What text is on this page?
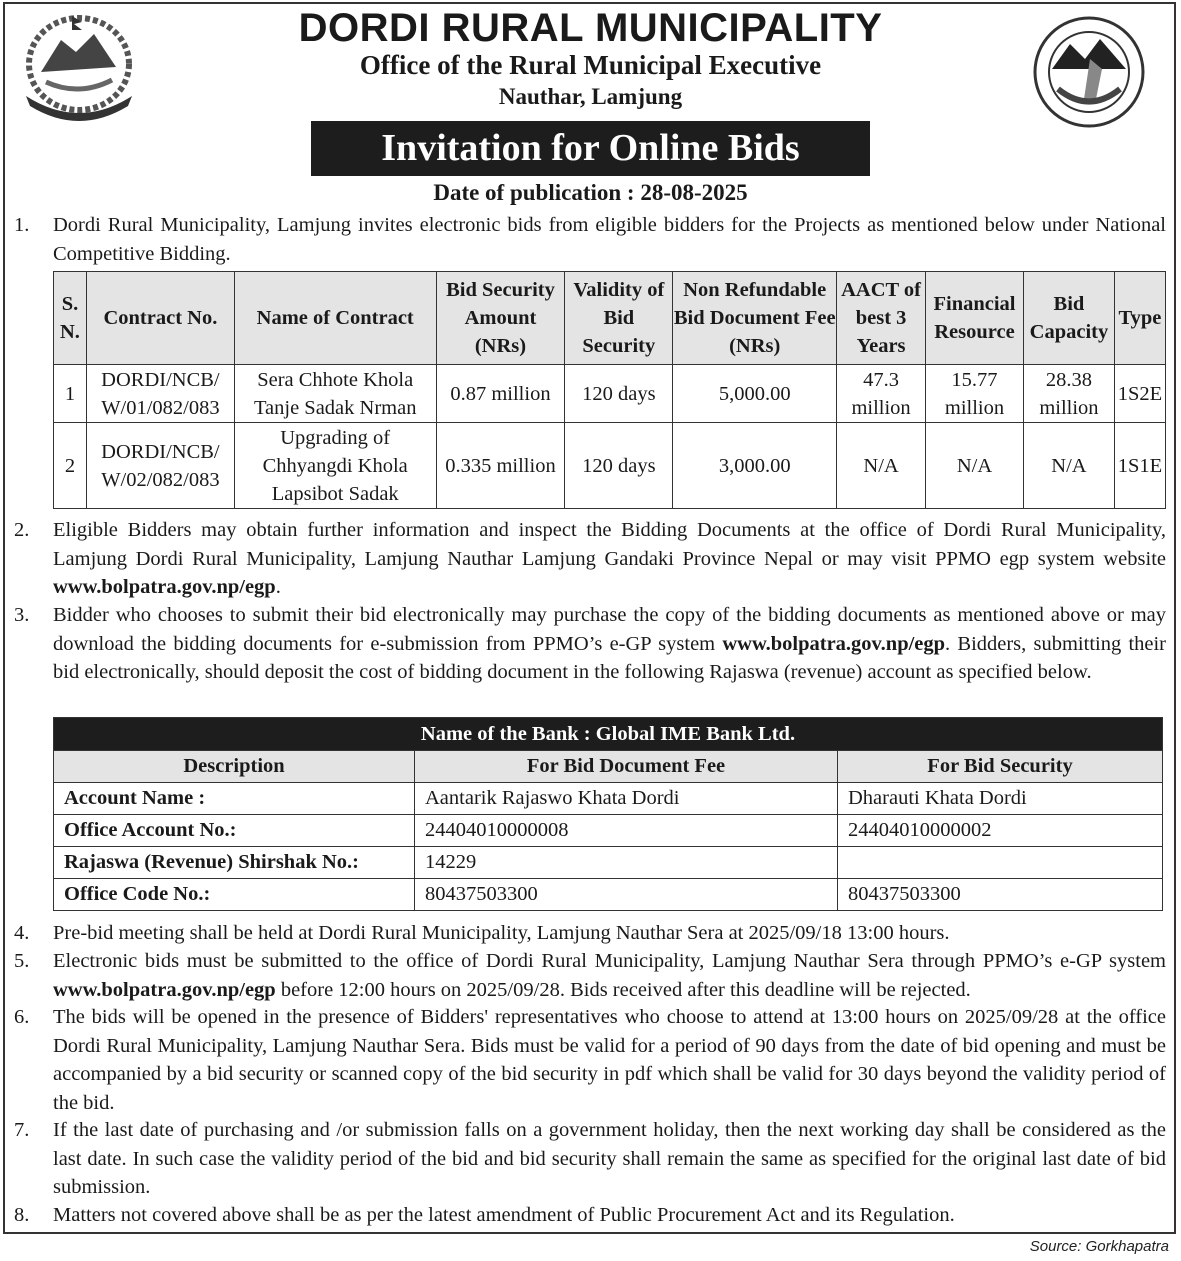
DORDI RURAL MUNICIPALITY
Office of the Rural Municipal Executive
Nauthar, Lamjung
Invitation for Online Bids
Date of publication : 28-08-2025
1. Dordi Rural Municipality, Lamjung invites electronic bids from eligible bidders for the Projects as mentioned below under National Competitive Bidding.
S. N.	Contract No.	Name of Contract	Bid Security Amount (NRs)	Validity of Bid Security	Non Refundable Bid Document Fee (NRs)	AACT of best 3 Years	Financial Resource	Bid Capacity	Type
1	DORDI/NCB/ W/01/082/083	Sera Chhote Khola Tanje Sadak Nrman	0.87 million	120 days	5,000.00	47.3 million	15.77 million	28.38 million	1S2E
2	DORDI/NCB/ W/02/082/083	Upgrading of Chhyangdi Khola Lapsibot Sadak	0.335 million	120 days	3,000.00	N/A	N/A	N/A	1S1E
2. Eligible Bidders may obtain further information and inspect the Bidding Documents at the office of Dordi Rural Municipality, Lamjung Dordi Rural Municipality, Lamjung Nauthar Lamjung Gandaki Province Nepal or may visit PPMO egp system website www.bolpatra.gov.np/egp.
3. Bidder who chooses to submit their bid electronically may purchase the copy of the bidding documents as mentioned above or may download the bidding documents for e-submission from PPMO’s e-GP system www.bolpatra.gov.np/egp. Bidders, submitting their bid electronically, should deposit the cost of bidding document in the following Rajaswa (revenue) account as specified below.
Name of the Bank : Global IME Bank Ltd.		
Description	For Bid Document Fee	For Bid Security
Account Name :	Aantarik Rajaswo Khata Dordi	Dharauti Khata Dordi
Office Account No.:	24404010000008	24404010000002
Rajaswa (Revenue) Shirshak No.:	14229	
Office Code No.:	80437503300	80437503300
4. Pre-bid meeting shall be held at Dordi Rural Municipality, Lamjung Nauthar Sera at 2025/09/18 13:00 hours.
5. Electronic bids must be submitted to the office of Dordi Rural Municipality, Lamjung Nauthar Sera through PPMO’s e-GP system www.bolpatra.gov.np/egp before 12:00 hours on 2025/09/28. Bids received after this deadline will be rejected.
6. The bids will be opened in the presence of Bidders' representatives who choose to attend at 13:00 hours on 2025/09/28 at the office Dordi Rural Municipality, Lamjung Nauthar Sera. Bids must be valid for a period of 90 days from the date of bid opening and must be accompanied by a bid security or scanned copy of the bid security in pdf which shall be valid for 30 days beyond the validity period of the bid.
7. If the last date of purchasing and /or submission falls on a government holiday, then the next working day shall be considered as the last date. In such case the validity period of the bid and bid security shall remain the same as specified for the original last date of bid submission.
8. Matters not covered above shall be as per the latest amendment of Public Procurement Act and its Regulation.
Source: Gorkhapatra
